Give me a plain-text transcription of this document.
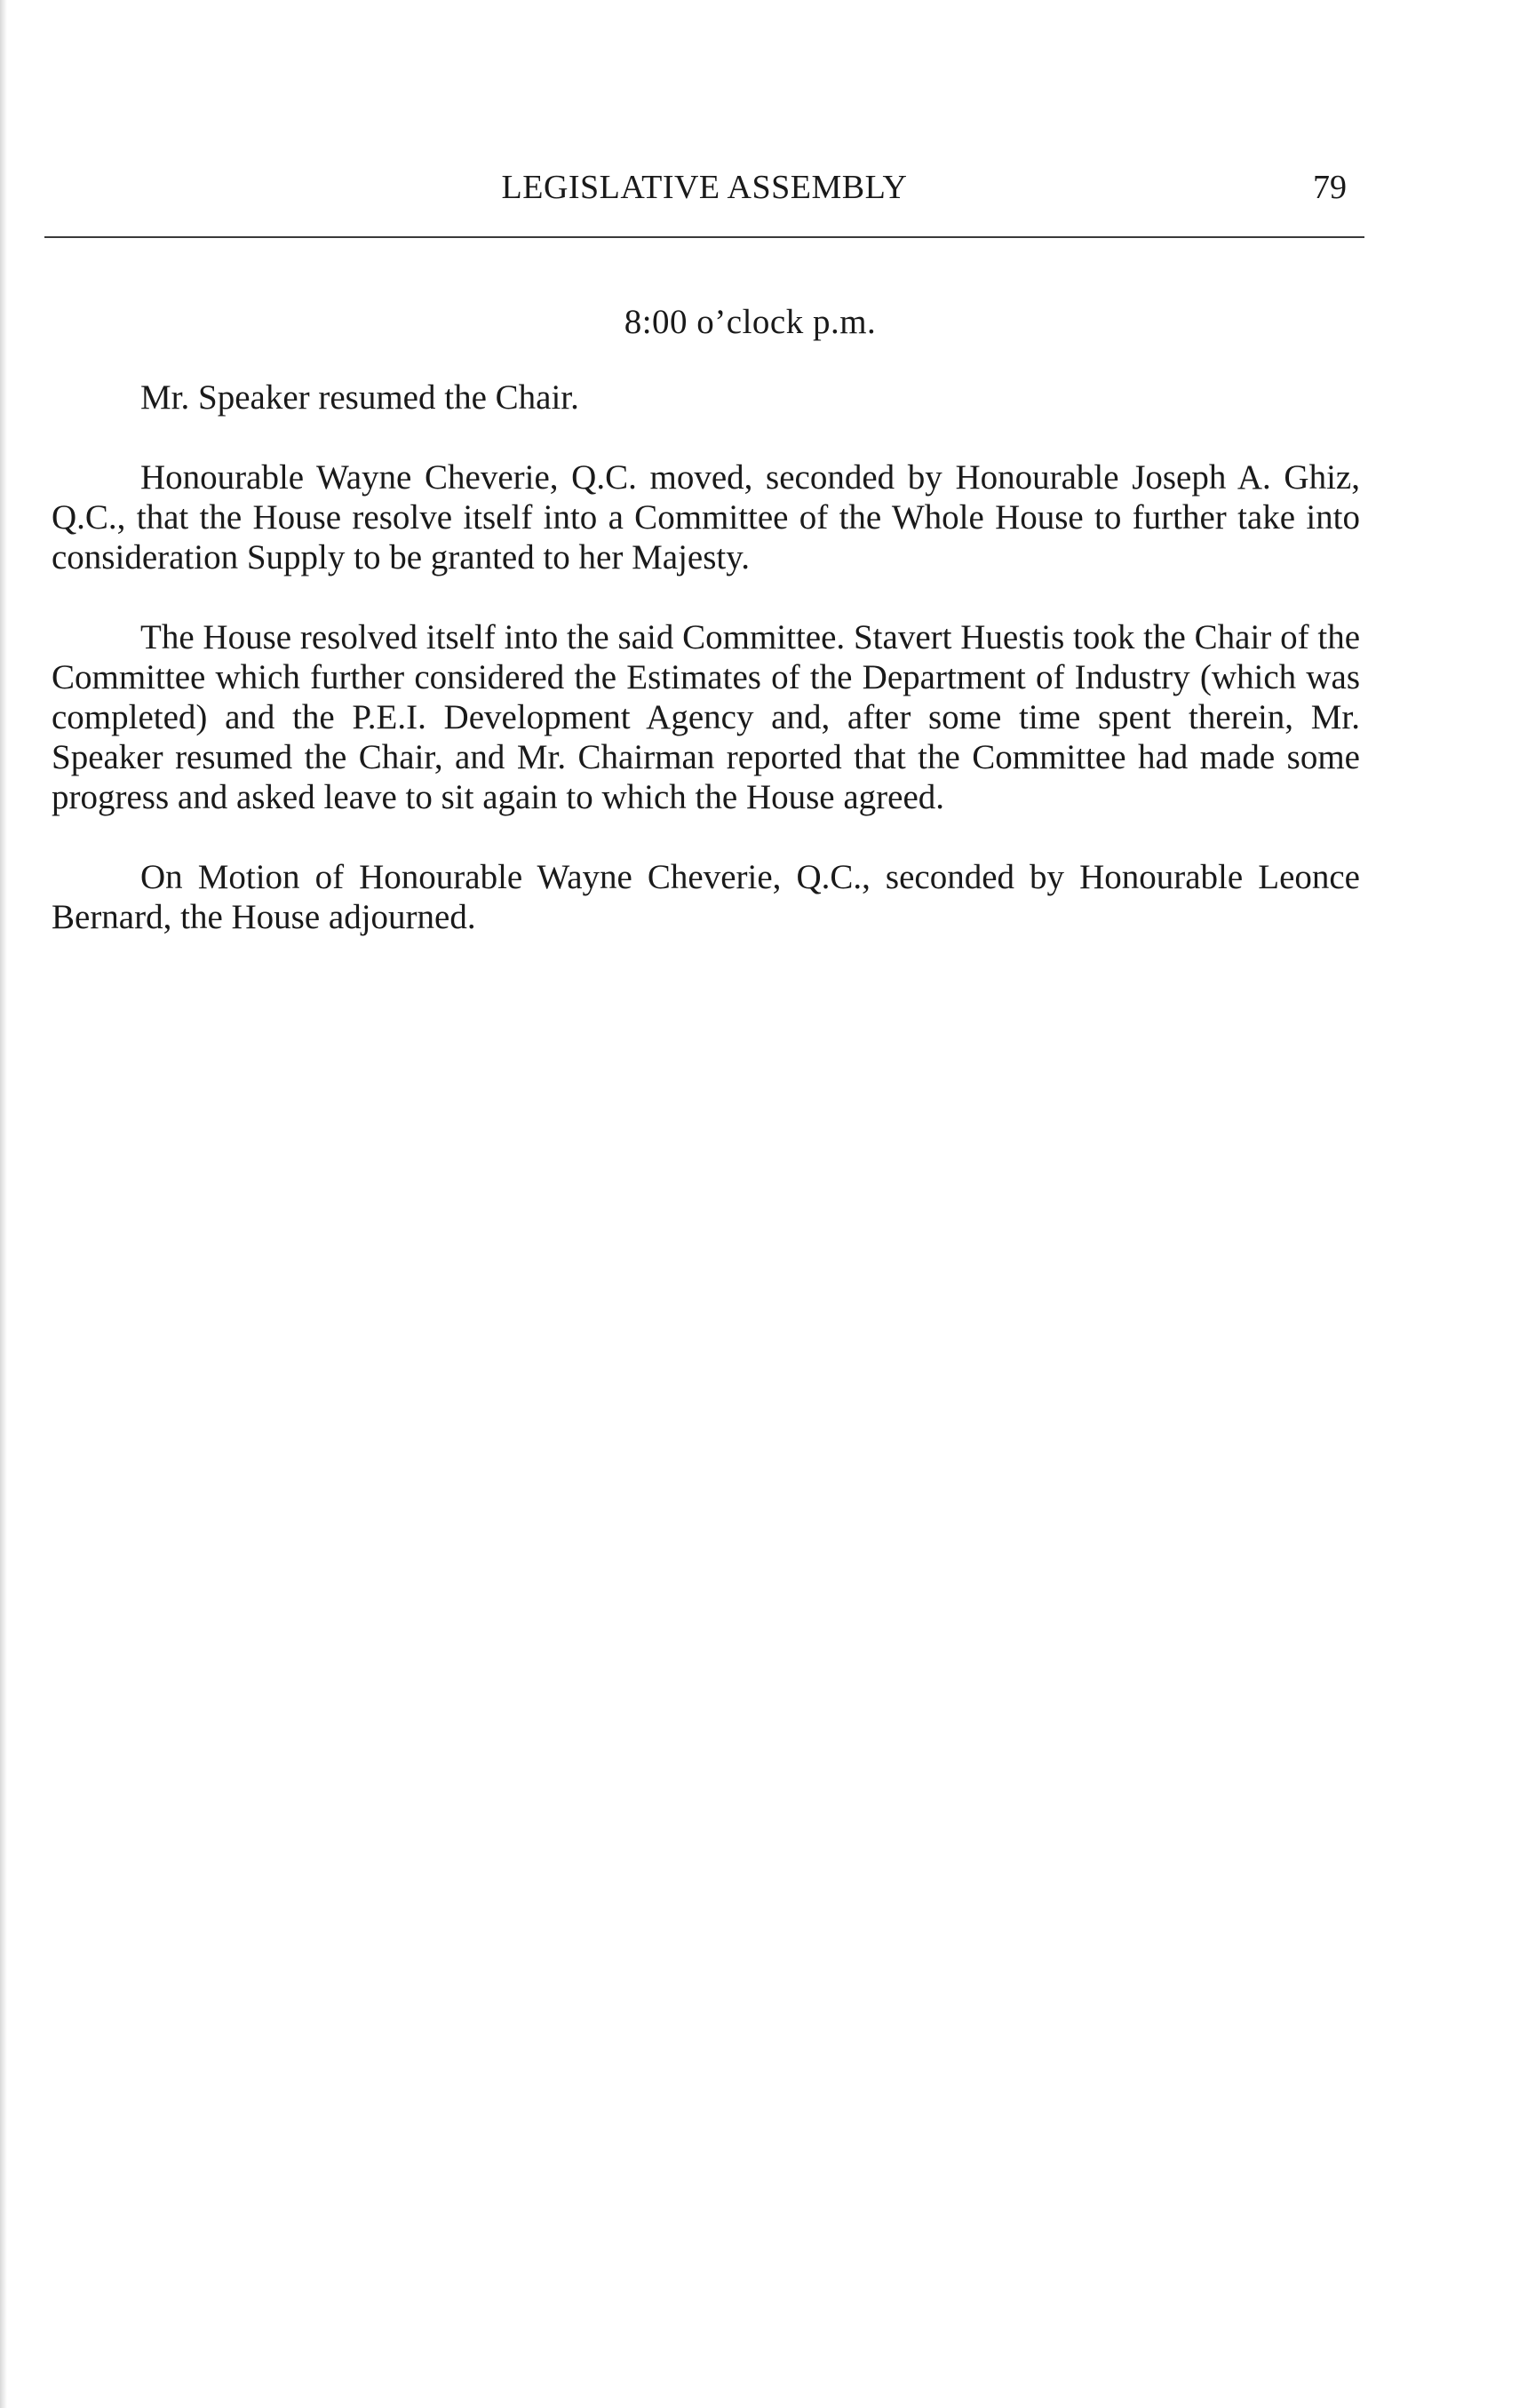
LEGISLATIVE ASSEMBLY	79

8:00 o’clock p.m.

Mr. Speaker resumed the Chair.

Honourable Wayne Cheverie, Q.C. moved, seconded by Honourable Joseph A. Ghiz, Q.C., that the House resolve itself into a Committee of the Whole House to further take into consideration Supply to be granted to her Majesty.

The House resolved itself into the said Committee. Stavert Huestis took the Chair of the Committee which further considered the Estimates of the Department of Industry (which was completed) and the P.E.I. Development Agency and, after some time spent therein, Mr. Speaker resumed the Chair, and Mr. Chairman reported that the Committee had made some progress and asked leave to sit again to which the House agreed.

On Motion of Honourable Wayne Cheverie, Q.C., seconded by Honourable Leonce Bernard, the House adjourned.
